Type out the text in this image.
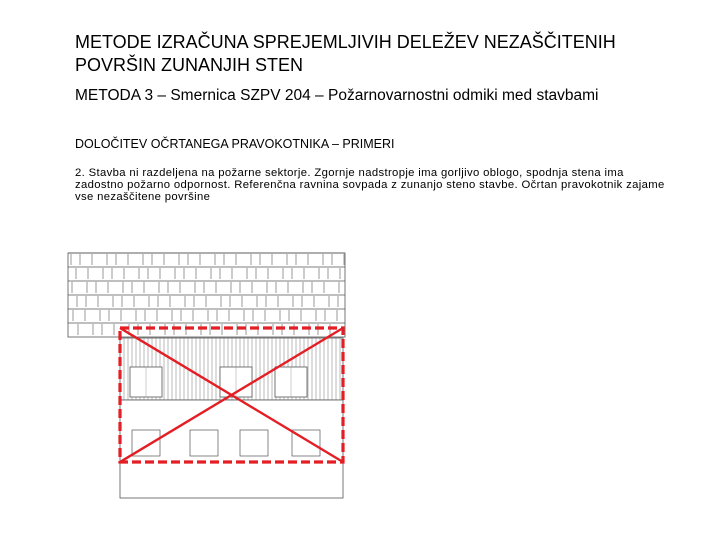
METODE IZRAČUNA SPREJEMLJIVIH DELEŽEV NEZAŠČITENIH POVRŠIN ZUNANJIH STEN
METODA 3 – Smernica SZPV 204 – Požarnovarnostni odmiki med stavbami
DOLOČITEV OČRTANEGA PRAVOKOTNIKA – PRIMERI
2. Stavba ni razdeljena na požarne sektorje. Zgornje nadstropje ima gorljivo oblogo, spodnja stena ima zadostno požarno odpornost. Referenčna ravnina sovpada z zunanjo steno stavbe. Očrtan pravokotnik zajame vse nezaščitene površine
